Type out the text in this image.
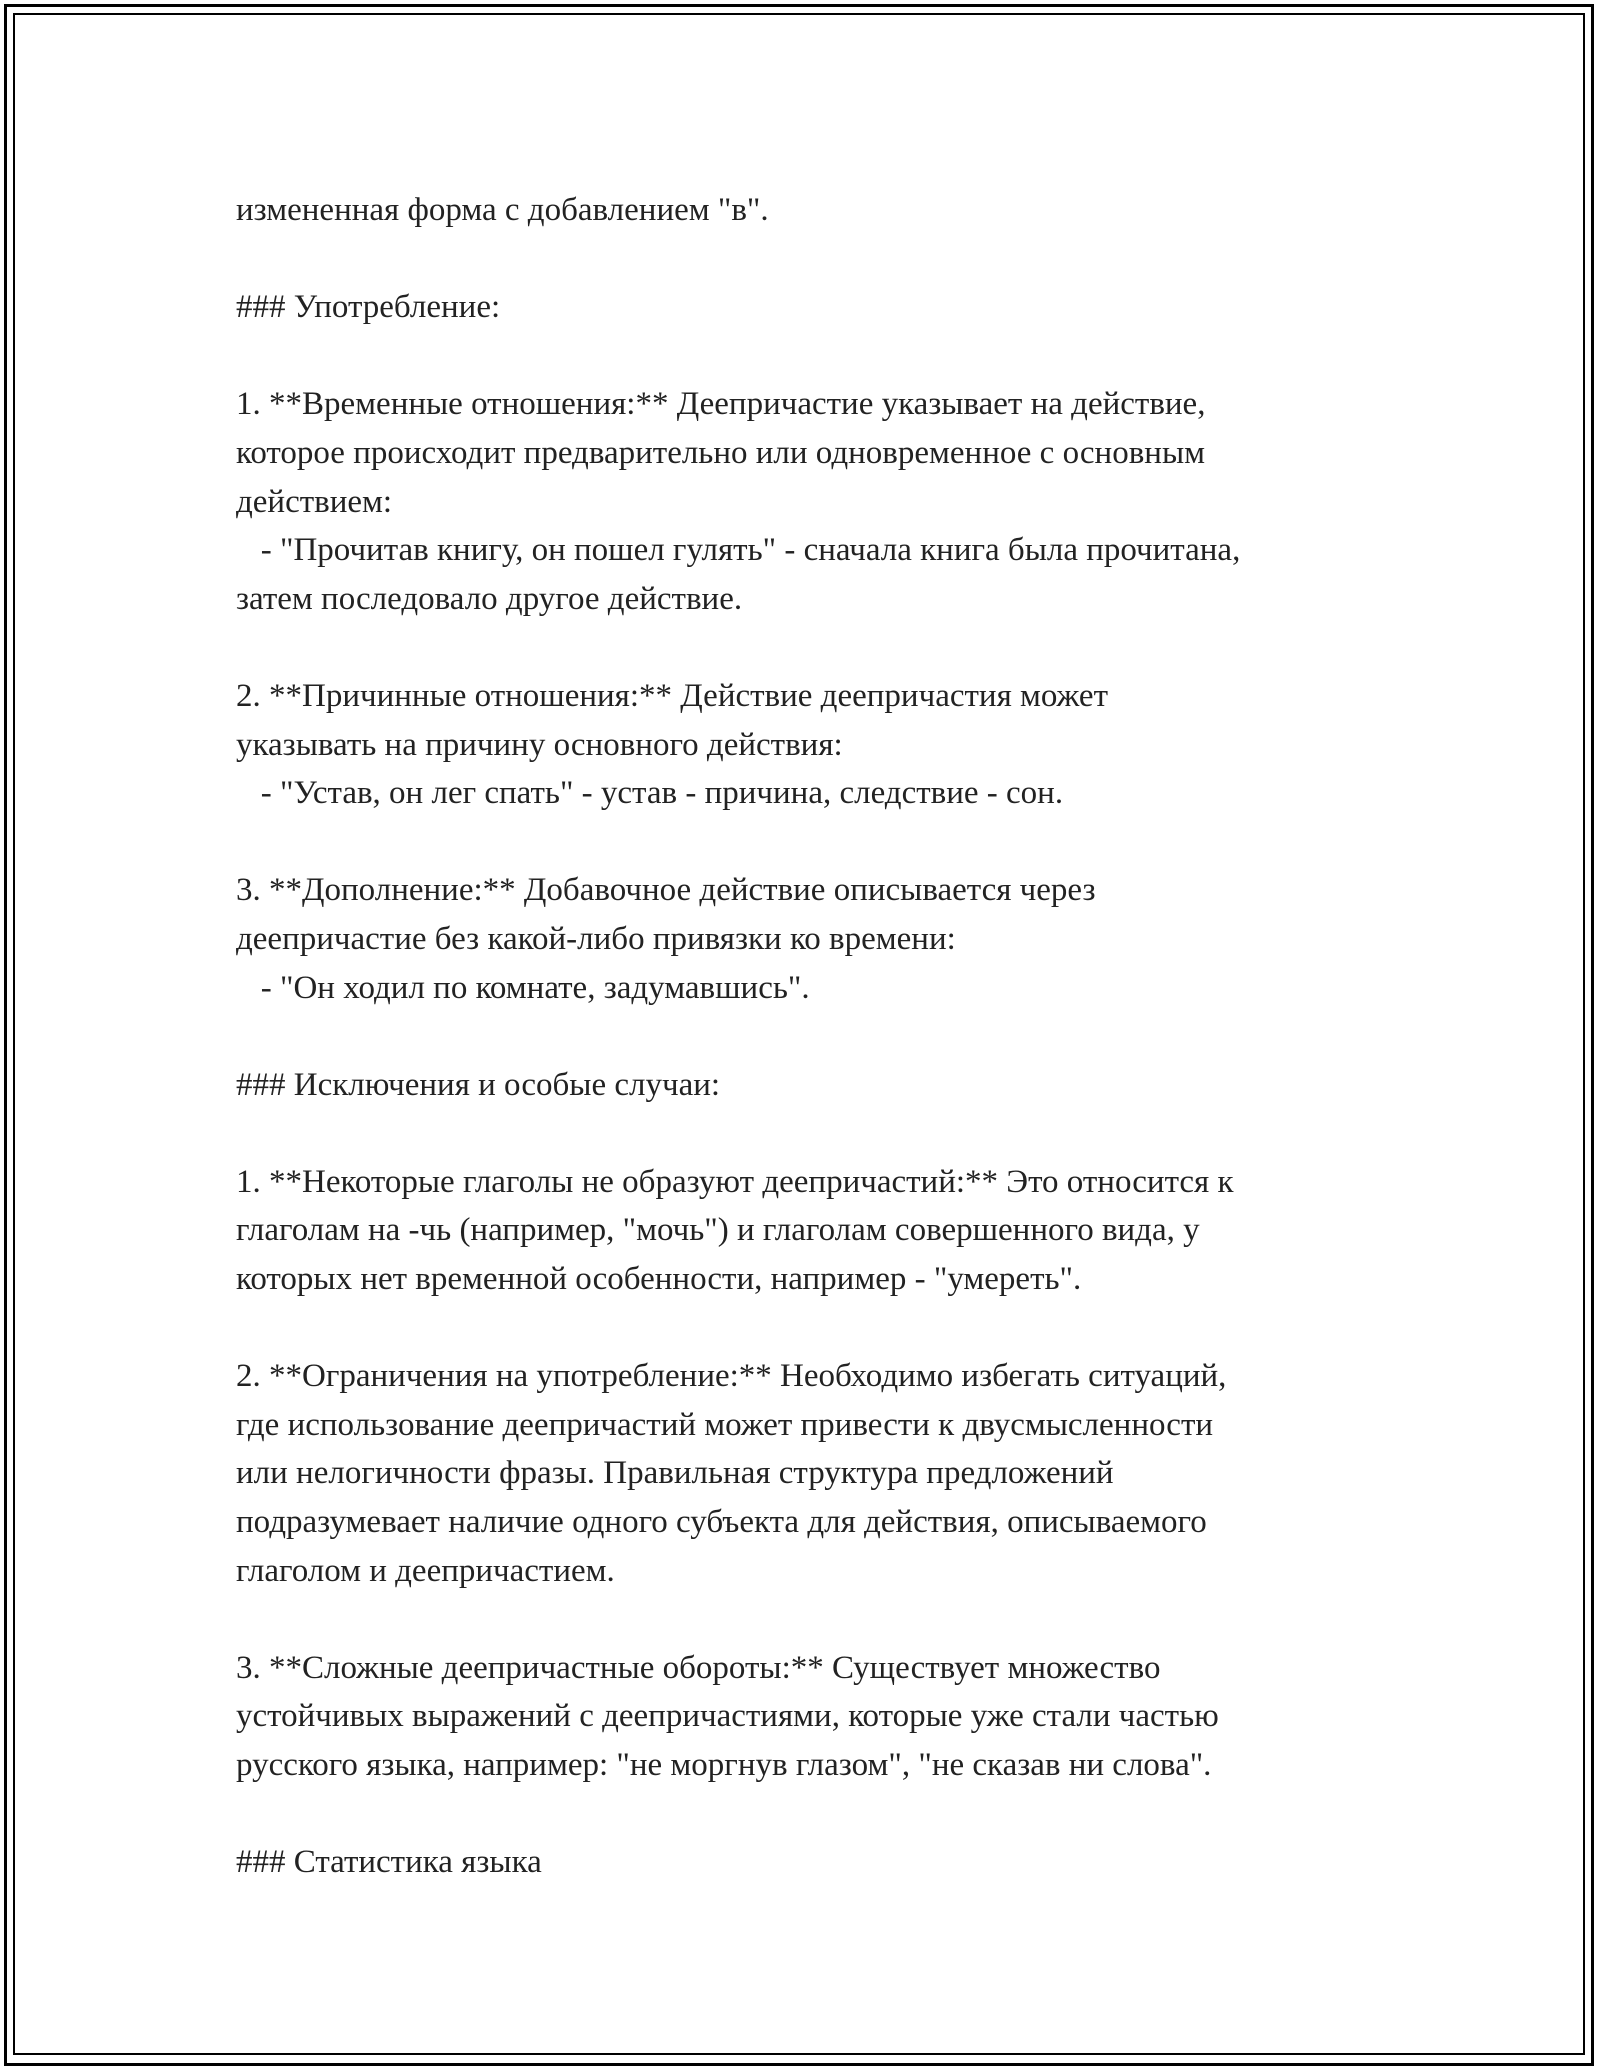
измененная форма с добавлением "в".
### Употребление:
1. **Временные отношения:** Деепричастие указывает на действие,
которое происходит предварительно или одновременное с основным
действием:
- "Прочитав книгу, он пошел гулять" - сначала книга была прочитана,
затем последовало другое действие.
2. **Причинные отношения:** Действие деепричастия может
указывать на причину основного действия:
- "Устав, он лег спать" - устав - причина, следствие - сон.
3. **Дополнение:** Добавочное действие описывается через
деепричастие без какой-либо привязки ко времени:
- "Он ходил по комнате, задумавшись".
### Исключения и особые случаи:
1. **Некоторые глаголы не образуют деепричастий:** Это относится к
глаголам на -чь (например, "мочь") и глаголам совершенного вида, у
которых нет временной особенности, например - "умереть".
2. **Ограничения на употребление:** Необходимо избегать ситуаций,
где использование деепричастий может привести к двусмысленности
или нелогичности фразы. Правильная структура предложений
подразумевает наличие одного субъекта для действия, описываемого
глаголом и деепричастием.
3. **Сложные деепричастные обороты:** Существует множество
устойчивых выражений с деепричастиями, которые уже стали частью
русского языка, например: "не моргнув глазом", "не сказав ни слова".
### Статистика языка
